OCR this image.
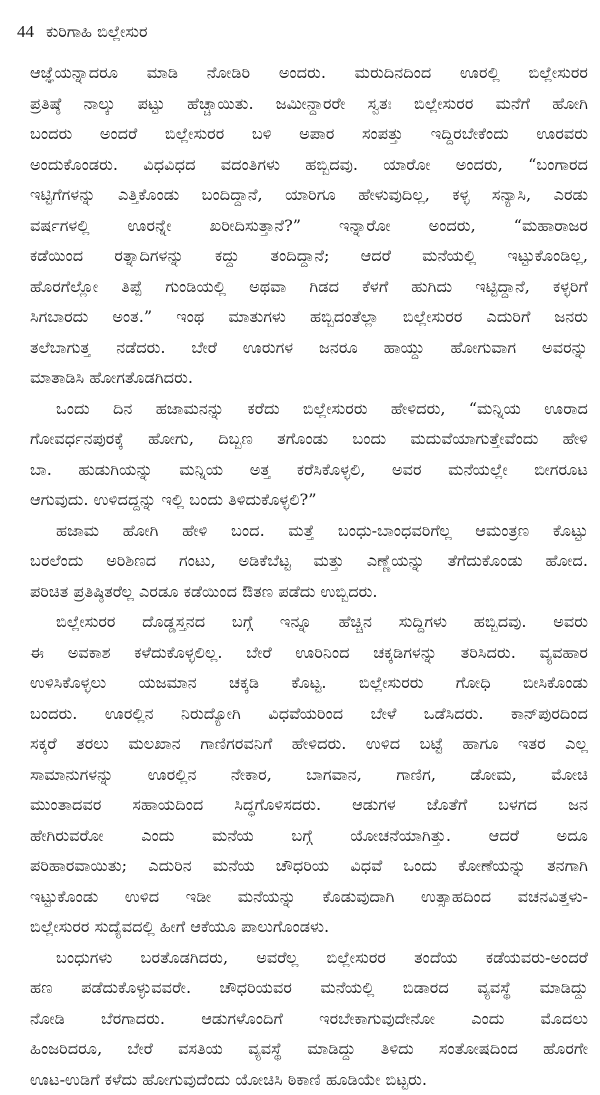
44 ಕುರಿಗಾಹಿ ಬಿಲ್ಲೇಸುರ

ಆಜ್ಞೆಯನ್ನಾದರೂ ಮಾಡಿ ನೋಡಿರಿ ಅಂದರು. ಮರುದಿನದಿಂದ ಊರಲ್ಲಿ ಬಿಲ್ಲೇಸುರರ
ಪ್ರತಿಷ್ಠೆ ನಾಲ್ಕು ಪಟ್ಟು ಹೆಚ್ಚಾಯಿತು. ಜಮೀನ್ದಾರರೇ ಸ್ವತಃ ಬಿಲ್ಲೇಸುರರ ಮನೆಗೆ ಹೋಗಿ
ಬಂದರು ಅಂದರೆ ಬಿಲ್ಲೇಸುರರ ಬಳಿ ಅಪಾರ ಸಂಪತ್ತು ಇದ್ದಿರಬೇಕೆಂದು ಊರವರು
ಅಂದುಕೊಂಡರು. ವಿಧವಿಧದ ವದಂತಿಗಳು ಹಬ್ಬಿದವು. ಯಾರೋ ಅಂದರು, “ಬಂಗಾರದ
ಇಟ್ಟಿಗೆಗಳನ್ನು ಎತ್ತಿಕೊಂಡು ಬಂದಿದ್ದಾನೆ, ಯಾರಿಗೂ ಹೇಳುವುದಿಲ್ಲ, ಕಳ್ಳ ಸನ್ಯಾಸಿ, ಎರಡು
ವರ್ಷಗಳಲ್ಲಿ ಊರನ್ನೇ ಖರೀದಿಸುತ್ತಾನೆ?” ಇನ್ನಾರೋ ಅಂದರು, “ಮಹಾರಾಜರ
ಕಡೆಯಿಂದ ರತ್ನಾದಿಗಳನ್ನು ಕದ್ದು ತಂದಿದ್ದಾನೆ; ಆದರೆ ಮನೆಯಲ್ಲಿ ಇಟ್ಟುಕೊಂಡಿಲ್ಲ,
ಹೊರಗೆಲ್ಲೋ ತಿಪ್ಪೆ ಗುಂಡಿಯಲ್ಲಿ ಅಥವಾ ಗಿಡದ ಕೆಳಗೆ ಹುಗಿದು ಇಟ್ಟಿದ್ದಾನೆ, ಕಳ್ಳರಿಗೆ
ಸಿಗಬಾರದು ಅಂತ.” ಇಂಥ ಮಾತುಗಳು ಹಬ್ಬಿದಂತೆಲ್ಲಾ ಬಿಲ್ಲೇಸುರರ ಎದುರಿಗೆ ಜನರು
ತಲೆಬಾಗುತ್ತ ನಡೆದರು. ಬೇರೆ ಊರುಗಳ ಜನರೂ ಹಾಯ್ದು ಹೋಗುವಾಗ ಅವರನ್ನು
ಮಾತಾಡಿಸಿ ಹೋಗತೊಡಗಿದರು.

ಒಂದು ದಿನ ಹಜಾಮನನ್ನು ಕರೆದು ಬಿಲ್ಲೇಸುರರು ಹೇಳಿದರು, “ಮನ್ನಿಯ ಊರಾದ
ಗೋವರ್ಧನಪುರಕ್ಕೆ ಹೋಗು, ದಿಬ್ಬಣ ತಗೊಂಡು ಬಂದು ಮದುವೆಯಾಗುತ್ತೇವೆಂದು ಹೇಳಿ
ಬಾ. ಹುಡುಗಿಯನ್ನು ಮನ್ನಿಯ ಅತ್ತ ಕರೆಸಿಕೊಳ್ಳಲಿ, ಅವರ ಮನೆಯಲ್ಲೇ ಬೀಗರೂಟ
ಆಗುವುದು. ಉಳಿದದ್ದನ್ನು ಇಲ್ಲಿ ಬಂದು ತಿಳಿದುಕೊಳ್ಳಲಿ?”

ಹಜಾಮ ಹೋಗಿ ಹೇಳಿ ಬಂದ. ಮತ್ತೆ ಬಂಧು-ಬಾಂಧವರಿಗೆಲ್ಲ ಆಮಂತ್ರಣ ಕೊಟ್ಟು
ಬರಲೆಂದು ಅರಿಶಿಣದ ಗಂಟು, ಅಡಿಕೆಬೆಟ್ಟ ಮತ್ತು ಎಣ್ಣೆಯನ್ನು ತೆಗೆದುಕೊಂಡು ಹೋದ.
ಪರಿಚಿತ ಪ್ರತಿಷ್ಠಿತರೆಲ್ಲ ಎರಡೂ ಕಡೆಯಿಂದ ಔತಣ ಪಡೆದು ಉಬ್ಬಿದರು.

ಬಿಲ್ಲೇಸುರರ ದೊಡ್ಡಸ್ತನದ ಬಗ್ಗೆ ಇನ್ನೂ ಹೆಚ್ಚಿನ ಸುದ್ದಿಗಳು ಹಬ್ಬಿದವು. ಅವರು
ಈ ಅವಕಾಶ ಕಳೆದುಕೊಳ್ಳಲಿಲ್ಲ. ಬೇರೆ ಊರಿನಿಂದ ಚಕ್ಕಡಿಗಳನ್ನು ತರಿಸಿದರು. ವ್ಯವಹಾರ
ಉಳಿಸಿಕೊಳ್ಳಲು ಯಜಮಾನ ಚಕ್ಕಡಿ ಕೊಟ್ಟ. ಬಿಲ್ಲೇಸುರರು ಗೋಧಿ ಬೀಸಿಕೊಂಡು
ಬಂದರು. ಊರಲ್ಲಿನ ನಿರುದ್ಯೋಗಿ ವಿಧವೆಯರಿಂದ ಬೇಳೆ ಒಡೆಸಿದರು. ಕಾನ್‌ಪುರದಿಂದ
ಸಕ್ಕರೆ ತರಲು ಮಲಖಾನ ಗಾಣಿಗರವನಿಗೆ ಹೇಳಿದರು. ಉಳಿದ ಬಟ್ಟೆ ಹಾಗೂ ಇತರ ಎಲ್ಲ
ಸಾಮಾನುಗಳನ್ನು ಊರಲ್ಲಿನ ನೇಕಾರ, ಬಾಗವಾನ, ಗಾಣಿಗ, ಡೋಮ, ಮೋಚಿ
ಮುಂತಾದವರ ಸಹಾಯದಿಂದ ಸಿದ್ಧಗೊಳಿಸದರು. ಆಡುಗಳ ಜೊತೆಗೆ ಬಳಗದ ಜನ
ಹೇಗಿರುವರೋ ಎಂದು ಮನೆಯ ಬಗ್ಗೆ ಯೋಚನೆಯಾಗಿತ್ತು. ಆದರೆ ಅದೂ
ಪರಿಹಾರವಾಯಿತು; ಎದುರಿನ ಮನೆಯ ಚೌಧರಿಯ ವಿಧವೆ ಒಂದು ಕೋಣೆಯನ್ನು ತನಗಾಗಿ
ಇಟ್ಟುಕೊಂಡು ಉಳಿದ ಇಡೀ ಮನೆಯನ್ನು ಕೊಡುವುದಾಗಿ ಉತ್ಸಾಹದಿಂದ ವಚನವಿತ್ತಳು-
ಬಿಲ್ಲೇಸುರರ ಸುದ್ಯೆವದಲ್ಲಿ ಹೀಗೆ ಆಕೆಯೂ ಪಾಲುಗೊಂಡಳು.

ಬಂಧುಗಳು ಬರತೊಡಗಿದರು, ಅವರೆಲ್ಲ ಬಿಲ್ಲೇಸುರರ ತಂದೆಯ ಕಡೆಯವರು-ಅಂದರೆ
ಹಣ ಪಡೆದುಕೊಳ್ಳುವವರೇ. ಚೌಧರಿಯವರ ಮನೆಯಲ್ಲಿ ಬಿಡಾರದ ವ್ಯವಸ್ಥೆ ಮಾಡಿದ್ದು
ನೋಡಿ ಬೆರಗಾದರು. ಆಡುಗಳೊಂದಿಗೆ ಇರಬೇಕಾಗುವುದೇನೋ ಎಂದು ಮೊದಲು
ಹಿಂಜರಿದರೂ, ಬೇರೆ ವಸತಿಯ ವ್ಯವಸ್ಥೆ ಮಾಡಿದ್ದು ತಿಳಿದು ಸಂತೋಷದಿಂದ ಹೊರಗೇ
ಊಟ-ಉಡಿಗೆ ಕಳೆದು ಹೋಗುವುದೆಂದು ಯೋಚಿಸಿ ಠಿಕಾಣಿ ಹೂಡಿಯೇ ಬಿಟ್ಟರು.
